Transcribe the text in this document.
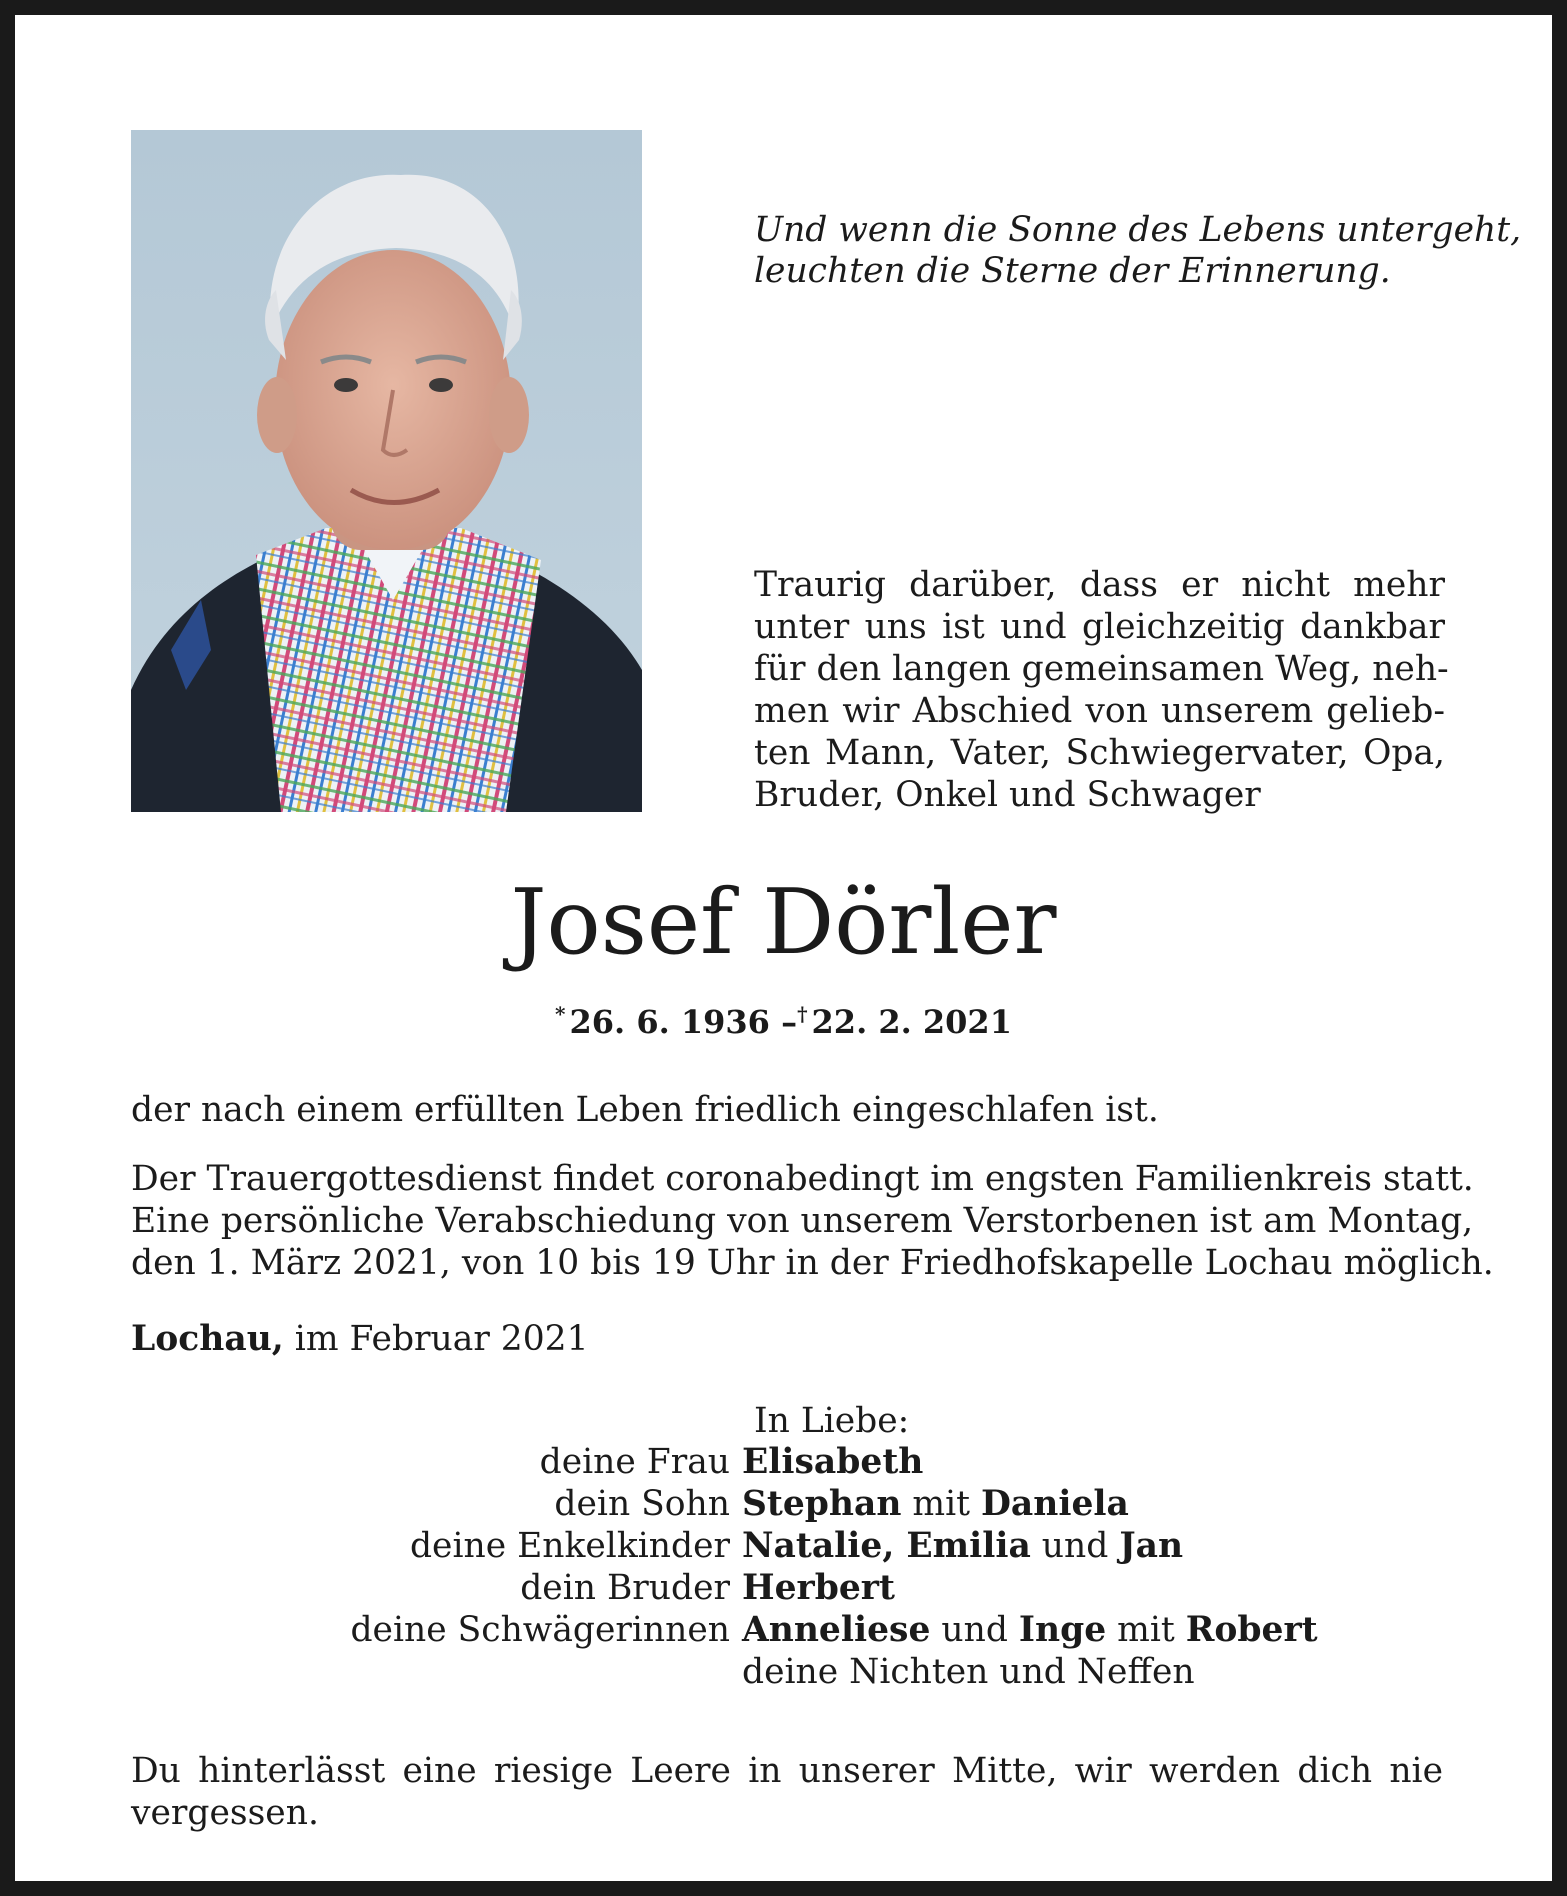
Und wenn die Sonne des Lebens untergeht,
leuchten die Sterne der Erinnerung.

Traurig darüber, dass er nicht mehr
unter uns ist und gleichzeitig dankbar
für den langen gemeinsamen Weg, neh-
men wir Abschied von unserem gelieb-
ten Mann, Vater, Schwiegervater, Opa,
Bruder, Onkel und Schwager

Josef Dörler

* 26. 6. 1936 –† 22. 2. 2021

der nach einem erfüllten Leben friedlich eingeschlafen ist.

Der Trauergottesdienst findet coronabedingt im engsten Familienkreis statt.
Eine persönliche Verabschiedung von unserem Verstorbenen ist am Montag,
den 1. März 2021, von 10 bis 19 Uhr in der Friedhofskapelle Lochau möglich.

Lochau, im Februar 2021

In Liebe:

deine Frau Elisabeth
dein Sohn Stephan mit Daniela
deine Enkelkinder Natalie, Emilia und Jan
dein Bruder Herbert
deine Schwägerinnen Anneliese und Inge mit Robert
deine Nichten und Neffen

Du hinterlässt eine riesige Leere in unserer Mitte, wir werden dich nie
vergessen.
